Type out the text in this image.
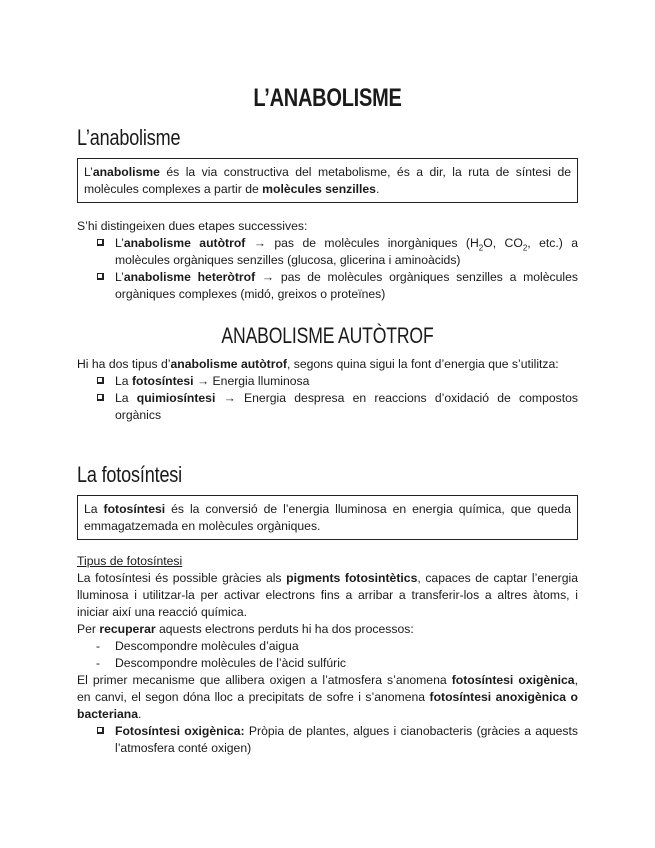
L’ANABOLISME
L’anabolisme
L’anabolisme és la via constructiva del metabolisme, és a dir, la ruta de síntesi de molècules complexes a partir de molècules senzilles.

S’hi distingeixen dues etapes successives:

L’anabolisme autòtrof → pas de molècules inorgàniques ($H_2O$, $CO_2$, etc.) a molècules orgàniques senzilles (glucosa, glicerina i aminoàcids)
L’anabolisme heteròtrof → pas de molècules orgàniques senzilles a molècules orgàniques complexes (midó, greixos o proteïnes)
ANABOLISME AUTÒTROF

Hi ha dos tipus d’anabolisme autòtrof, segons quina sigui la font d’energia que s’utilitza:

La fotosíntesi → Energia lluminosa
La quimiosíntesi → Energia despresa en reaccions d’oxidació de compostos orgànics
La fotosíntesi
La fotosíntesi és la conversió de l’energia lluminosa en energia química, que queda emmagatzemada en molècules orgàniques.

Tipus de fotosíntesi

La fotosíntesi és possible gràcies als pigments fotosintètics, capaces de captar l’energia lluminosa i utilitzar-la per activar electrons fins a arribar a transferir-los a altres àtoms, i iniciar així una reacció química.

Per recuperar aquests electrons perduts hi ha dos processos:

- Descompondre molècules d’aigua
- Descompondre molècules de l’àcid sulfúric

El primer mecanisme que allibera oxigen a l’atmosfera s’anomena fotosíntesi oxigènica, en canvi, el segon dóna lloc a precipitats de sofre i s’anomena fotosíntesi anoxigènica o bacteriana.

Fotosíntesi oxigènica: Pròpia de plantes, algues i cianobacteris (gràcies a aquests l’atmosfera conté oxigen)
